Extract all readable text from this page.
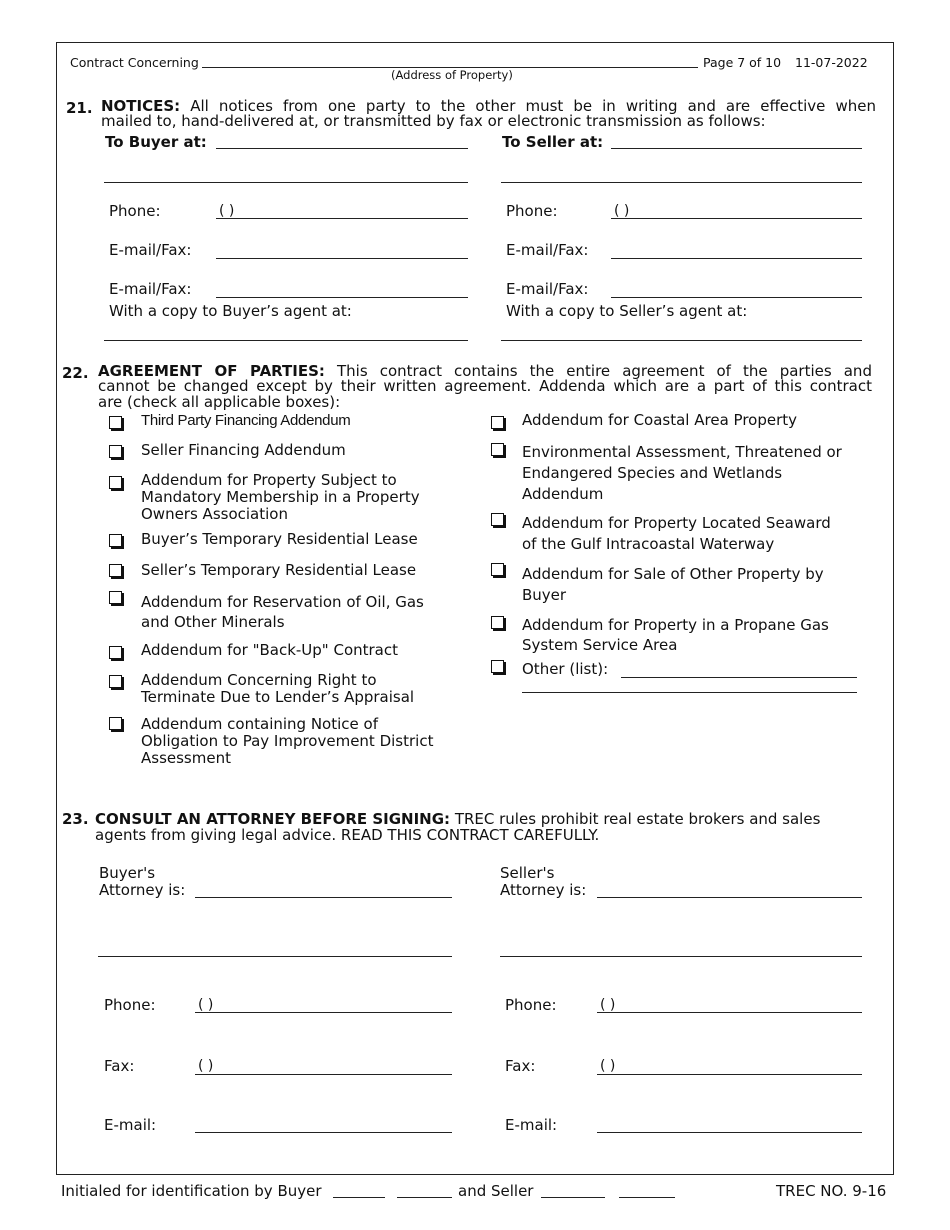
Contract Concerning
(Address of Property)
Page 7 of 10 11-07-2022
21. NOTICES: All notices from one party to the other must be in writing and are effective when
mailed to, hand-delivered at, or transmitted by fax or electronic transmission as follows:
To Buyer at:	To Seller at:
Phone:	( )	Phone:	( )
E-mail/Fax:	E-mail/Fax:
E-mail/Fax:	E-mail/Fax:
With a copy to Buyer’s agent at:	With a copy to Seller’s agent at:
22. AGREEMENT OF PARTIES: This contract contains the entire agreement of the parties and
cannot be changed except by their written agreement. Addenda which are a part of this contract
are (check all applicable boxes):
Third Party Financing Addendum
Seller Financing Addendum
Addendum for Property Subject to
Mandatory Membership in a Property
Owners Association
Buyer’s Temporary Residential Lease
Seller’s Temporary Residential Lease
Addendum for Reservation of Oil, Gas
and Other Minerals
Addendum for "Back-Up" Contract
Addendum Concerning Right to
Terminate Due to Lender’s Appraisal
Addendum containing Notice of
Obligation to Pay Improvement District
Assessment
Addendum for Coastal Area Property
Environmental Assessment, Threatened or
Endangered Species and Wetlands
Addendum
Addendum for Property Located Seaward
of the Gulf Intracoastal Waterway
Addendum for Sale of Other Property by
Buyer
Addendum for Property in a Propane Gas
System Service Area
Other (list):
23. CONSULT AN ATTORNEY BEFORE SIGNING: TREC rules prohibit real estate brokers and sales
agents from giving legal advice. READ THIS CONTRACT CAREFULLY.
Buyer's
Attorney is:
Seller's
Attorney is:
Phone:	( )	Phone:	( )
Fax:	( )	Fax:	( )
E-mail:	E-mail:
Initialed for identification by Buyer	and Seller	TREC NO. 9-16
